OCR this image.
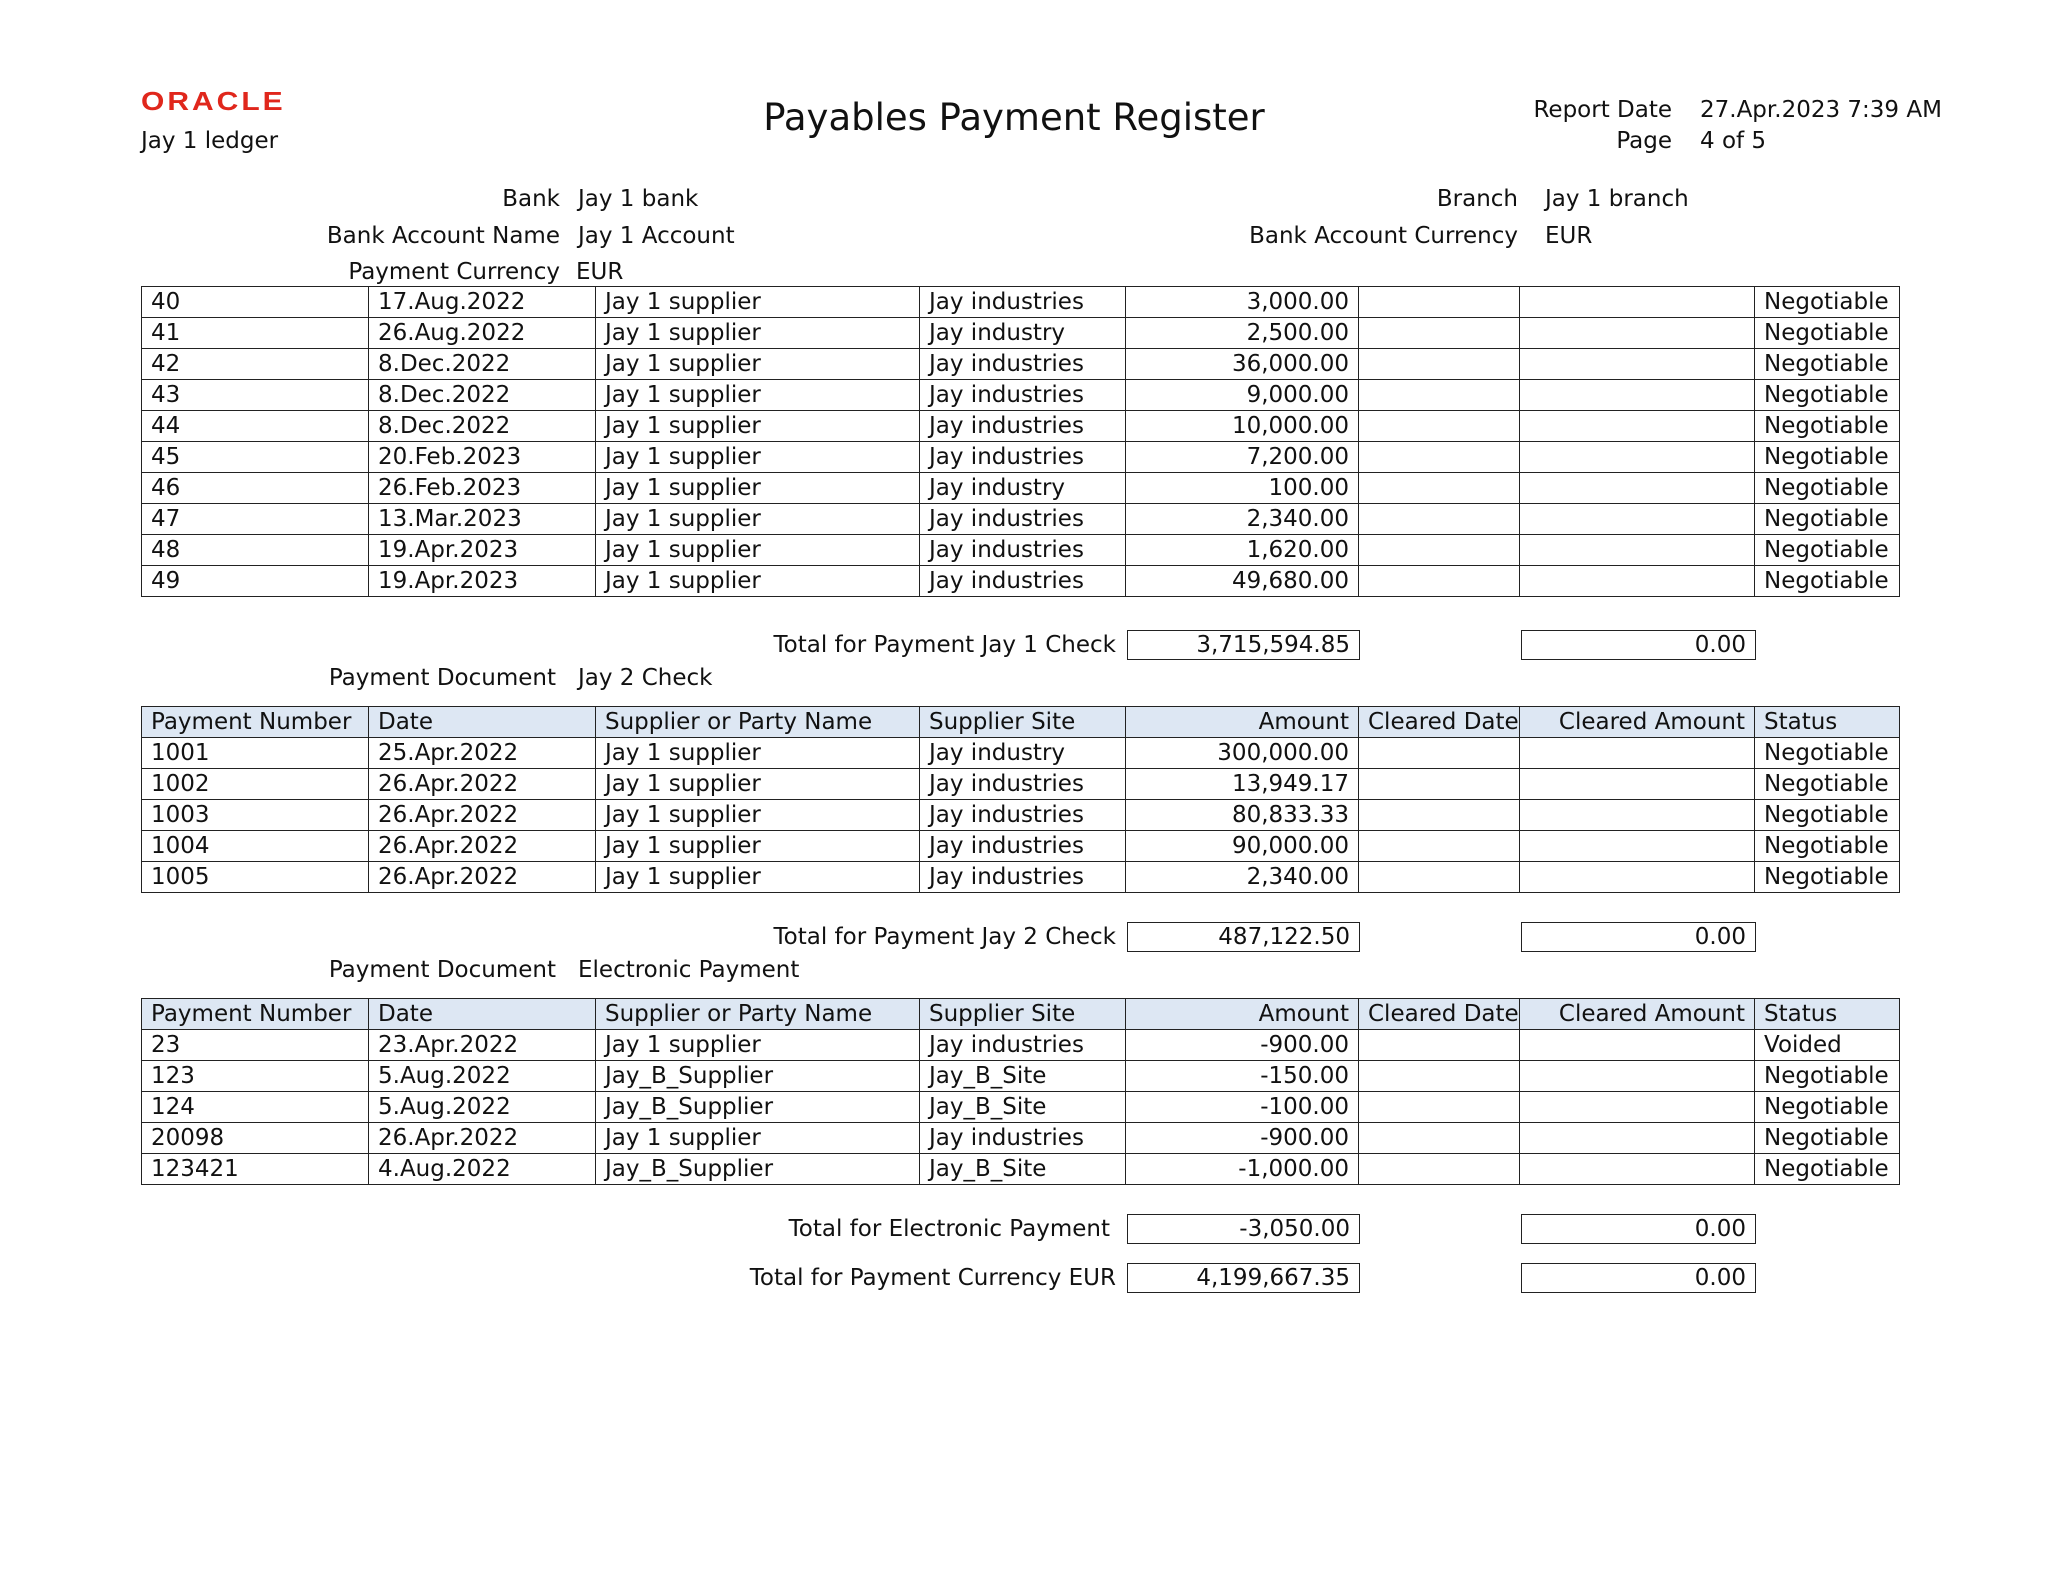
ORACLE
Jay 1 ledger
Payables Payment Register	Report Date 27.Apr.2023 7:39 AM
Page 4 of 5
Bank Jay 1 bank	Branch Jay 1 branch
Bank Account Name Jay 1 Account	Bank Account Currency EUR
Payment Currency EUR
40	17.Aug.2022	Jay 1 supplier	Jay industries	3,000.00			Negotiable
41	26.Aug.2022	Jay 1 supplier	Jay industry	2,500.00			Negotiable
42	8.Dec.2022	Jay 1 supplier	Jay industries	36,000.00			Negotiable
43	8.Dec.2022	Jay 1 supplier	Jay industries	9,000.00			Negotiable
44	8.Dec.2022	Jay 1 supplier	Jay industries	10,000.00			Negotiable
45	20.Feb.2023	Jay 1 supplier	Jay industries	7,200.00			Negotiable
46	26.Feb.2023	Jay 1 supplier	Jay industry	100.00			Negotiable
47	13.Mar.2023	Jay 1 supplier	Jay industries	2,340.00			Negotiable
48	19.Apr.2023	Jay 1 supplier	Jay industries	1,620.00			Negotiable
49	19.Apr.2023	Jay 1 supplier	Jay industries	49,680.00			Negotiable
Total for Payment Jay 1 Check	3,715,594.85	0.00
Payment Document Jay 2 Check
Payment Number	Date	Supplier or Party Name	Supplier Site	Amount	Cleared Date	Cleared Amount	Status
1001	25.Apr.2022	Jay 1 supplier	Jay industry	300,000.00			Negotiable
1002	26.Apr.2022	Jay 1 supplier	Jay industries	13,949.17			Negotiable
1003	26.Apr.2022	Jay 1 supplier	Jay industries	80,833.33			Negotiable
1004	26.Apr.2022	Jay 1 supplier	Jay industries	90,000.00			Negotiable
1005	26.Apr.2022	Jay 1 supplier	Jay industries	2,340.00			Negotiable
Total for Payment Jay 2 Check	487,122.50	0.00
Payment Document Electronic Payment
Payment Number	Date	Supplier or Party Name	Supplier Site	Amount	Cleared Date	Cleared Amount	Status
23	23.Apr.2022	Jay 1 supplier	Jay industries	-900.00			Voided
123	5.Aug.2022	Jay_B_Supplier	Jay_B_Site	-150.00			Negotiable
124	5.Aug.2022	Jay_B_Supplier	Jay_B_Site	-100.00			Negotiable
20098	26.Apr.2022	Jay 1 supplier	Jay industries	-900.00			Negotiable
123421	4.Aug.2022	Jay_B_Supplier	Jay_B_Site	-1,000.00			Negotiable
Total for Electronic Payment	-3,050.00	0.00
Total for Payment Currency EUR	4,199,667.35	0.00
